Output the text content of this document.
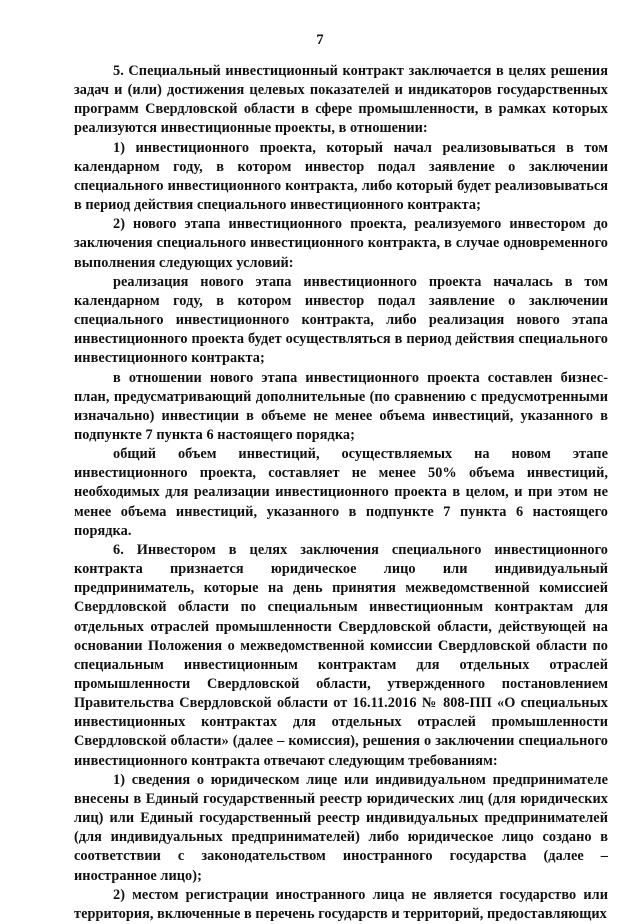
7

5. Специальный инвестиционный контракт заключается в целях решения задач и (или) достижения целевых показателей и индикаторов государственных программ Свердловской области в сфере промышленности, в рамках которых реализуются инвестиционные проекты, в отношении:

1) инвестиционного проекта, который начал реализовываться в том календарном году, в котором инвестор подал заявление о заключении специального инвестиционного контракта, либо который будет реализовываться в период действия специального инвестиционного контракта;

2) нового этапа инвестиционного проекта, реализуемого инвестором до заключения специального инвестиционного контракта, в случае одновременного выполнения следующих условий:

реализация нового этапа инвестиционного проекта началась в том календарном году, в котором инвестор подал заявление о заключении специального инвестиционного контракта, либо реализация нового этапа инвестиционного проекта будет осуществляться в период действия специального инвестиционного контракта;

в отношении нового этапа инвестиционного проекта составлен бизнес-план, предусматривающий дополнительные (по сравнению с предусмотренными изначально) инвестиции в объеме не менее объема инвестиций, указанного в подпункте 7 пункта 6 настоящего порядка;

общий объем инвестиций, осуществляемых на новом этапе инвестиционного проекта, составляет не менее 50% объема инвестиций, необходимых для реализации инвестиционного проекта в целом, и при этом не менее объема инвестиций, указанного в подпункте 7 пункта 6 настоящего порядка.

6. Инвестором в целях заключения специального инвестиционного контракта признается юридическое лицо или индивидуальный предприниматель, которые на день принятия межведомственной комиссией Свердловской области по специальным инвестиционным контрактам для отдельных отраслей промышленности Свердловской области, действующей на основании Положения о межведомственной комиссии Свердловской области по специальным инвестиционным контрактам для отдельных отраслей промышленности Свердловской области, утвержденного постановлением Правительства Свердловской области от 16.11.2016 № 808-ПП «О специальных инвестиционных контрактах для отдельных отраслей промышленности Свердловской области» (далее – комиссия), решения о заключении специального инвестиционного контракта отвечают следующим требованиям:

1) сведения о юридическом лице или индивидуальном предпринимателе внесены в Единый государственный реестр юридических лиц (для юридических лиц) или Единый государственный реестр индивидуальных предпринимателей (для индивидуальных предпринимателей) либо юридическое лицо создано в соответствии с законодательством иностранного государства (далее – иностранное лицо);

2) местом регистрации иностранного лица не является государство или территория, включенные в перечень государств и территорий, предоставляющих
